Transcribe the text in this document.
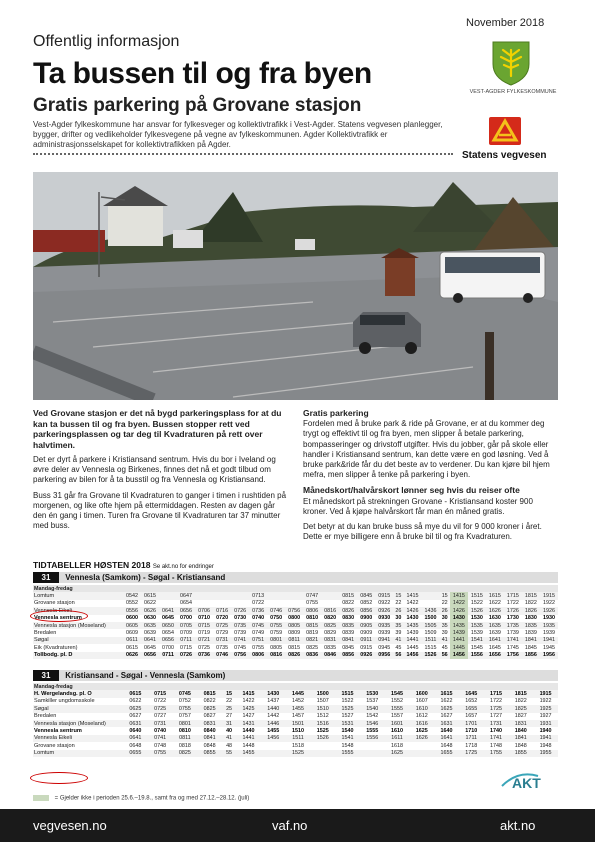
November 2018
Offentlig informasjon
Ta bussen til og fra byen
Gratis parkering på Grovane stasjon

Vest-Agder fylkeskommune har ansvar for fylkesveger og kollektivtrafikk i Vest-Agder. Statens vegvesen planlegger, bygger, drifter og vedlikeholder fylkesvegene på vegne av fylkeskommunen. Agder Kollektivtrafikk er administrasjonsselskapet for kollektivtrafikken på Agder.

VEST-AGDER FYLKESKOMMUNE
Statens vegvesen

Ved Grovane stasjon er det nå bygd parkeringsplass for at du kan ta bussen til og fra byen. Bussen stopper rett ved parkeringsplassen og tar deg til Kvadraturen på rett over halvtimen.

Det er dyrt å parkere i Kristiansand sentrum. Hvis du bor i Iveland og øvre deler av Vennesla og Birkenes, finnes det nå et godt tilbud om parkering av bilen for å ta busstil og fra Vennesla og Kristiansand.

Buss 31 går fra Grovane til Kvadraturen to ganger i timen i rushtiden på morgenen, og like ofte hjem på ettermiddagen. Resten av dagen går den én gang i timen. Turen fra Grovane til Kvadraturen tar 37 minutter med buss.

Gratis parkering

Fordelen med å bruke park & ride på Grovane, er at du kommer deg trygt og effektivt til og fra byen, men slipper å betale parkering, bompasseringer og drivstoff utgifter. Hvis du jobber, går på skole eller handler i Kristiansand sentrum, kan dette være en god løsning. Ved å bruke park&ride får du det beste av to verdener. Du kan kjøre bil hjem mefra, men slipper å tenke på parkering i byen.

Månedskort/halvårskort lønner seg hvis du reiser ofte

Et månedskort på strekningen Grovane - Kristiansand koster 900 kroner. Ved å kjøpe halvårskort får man én måned gratis.

Det betyr at du kan bruke buss så mye du vil for 9 000 kroner i året. Dette er mye billigere enn å bruke bil til og fra Kvadraturen.

TIDTABELLER HØSTEN 2018 Se akt.no for endringer
31 Vennesla (Samkom) - Søgal - Kristiansand
Mandag-fredag																									
Lomtum	0542	0615		0647				0713			0747		0815	0845	0915	15	1415		15	1415	1515	1615	1715	1815	1915
Grovane stasjon	0552	0622		0654				0722			0755		0822	0852	0922	22	1422		22	1422	1522	1622	1722	1822	1922
Vennesla Eikeli	0556	0626	0641	0656	0706	0716	0726	0736	0746	0756	0806	0816	0826	0856	0926	26	1426	1436	26	1426	1526	1626	1726	1826	1926
Vennesla sentrum	0600	0630	0645	0700	0710	0720	0730	0740	0750	0800	0810	0820	0830	0900	0930	30	1430	1500	30	1430	1530	1630	1730	1830	1930
Vennesla stasjon (Moseland)	0605	0635	0650	0705	0715	0725	0735	0745	0755	0805	0815	0825	0835	0905	0935	35	1435	1505	35	1435	1535	1635	1735	1835	1935
Bredalen	0609	0639	0654	0709	0719	0729	0739	0749	0759	0809	0819	0829	0839	0909	0939	39	1439	1509	39	1439	1539	1639	1739	1839	1939
Søgal	0611	0641	0656	0711	0721	0731	0741	0751	0801	0811	0821	0831	0841	0911	0941	41	1441	1511	41	1441	1541	1641	1741	1841	1941
Eik (Kvadraturen)	0615	0645	0700	0715	0725	0735	0745	0755	0805	0815	0825	0835	0845	0915	0945	45	1445	1515	45	1445	1545	1645	1745	1845	1945
Tollbodg. pl. D	0626	0656	0711	0726	0736	0746	0756	0806	0816	0826	0836	0846	0856	0926	0956	56	1456	1526	56	1456	1556	1656	1756	1856	1956
31 Kristiansand - Søgal - Vennesla (Samkom)
Mandag-fredag																		
H. Wergelandsg. pl. O	0615	0715	0745	0815	15	1415	1430	1445	1500	1515	1530	1545	1600	1615	1645	1715	1815	1915
Samkiller ungdomsskole	0622	0722	0752	0822	22	1422	1437	1452	1507	1522	1537	1552	1607	1622	1652	1722	1822	1922
Søgal	0625	0725	0755	0825	25	1425	1440	1455	1510	1525	1540	1555	1610	1625	1655	1725	1825	1925
Bredalen	0627	0727	0757	0827	27	1427	1442	1457	1512	1527	1542	1557	1612	1627	1657	1727	1827	1927
Vennesla stasjon (Moseland)	0631	0731	0801	0831	31	1431	1446	1501	1516	1531	1546	1601	1616	1631	1701	1731	1831	1931
Vennesla sentrum	0640	0740	0810	0840	40	1440	1455	1510	1525	1540	1555	1610	1625	1640	1710	1740	1840	1940
Vennesla Eikeli	0641	0741	0811	0841	41	1441	1456	1511	1526	1541	1556	1611	1626	1641	1711	1741	1841	1941
Grovane stasjon	0648	0748	0818	0848	48	1448		1518		1548		1618		1648	1718	1748	1848	1948
Lomtum	0655	0755	0825	0855	55	1455		1525		1555		1625		1655	1725	1755	1855	1955
AKT
= Gjelder ikke i perioden 25.6.–19.8., samt fra og med 27.12.–28.12. (juli)
vegvesen.no	vaf.no	akt.no
